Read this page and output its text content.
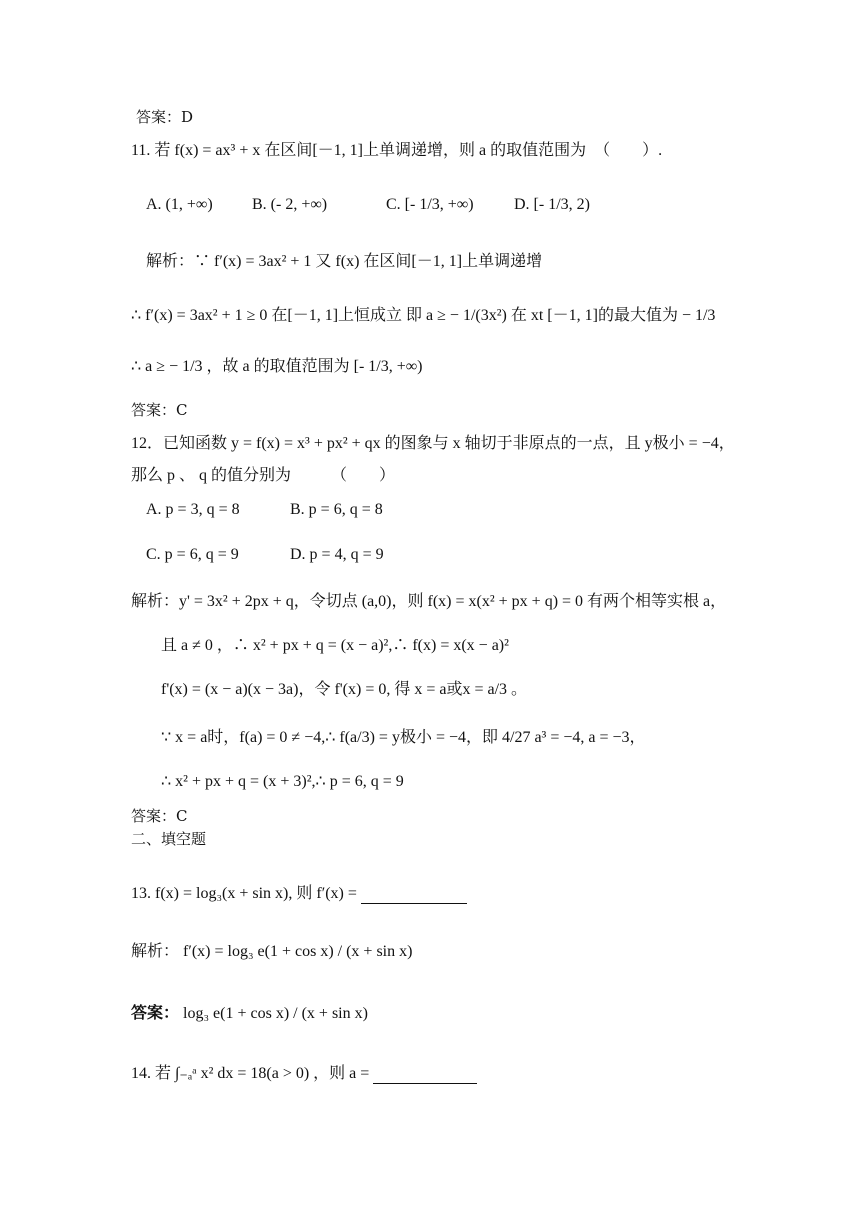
答案：D
11. 若 f(x) = ax³ + x 在区间[－1, 1]上单调递增，则 a 的取值范围为　（　　）.
A. (1, +∞) B. (- 2, +∞)	C. [- 1/3, +∞)	D. [- 1/3, 2)
解析：∵ f′(x) = 3ax² + 1 又 f(x) 在区间[－1, 1]上单调递增
∴ f′(x) = 3ax² + 1 ≥ 0 在[－1, 1]上恒成立 即 a ≥ − 1/(3x²) 在 xt [－1, 1]的最大值为 − 1/3
∴ a ≥ − 1/3 ，故 a 的取值范围为 [- 1/3, +∞)
答案：C
12．已知函数 y = f(x) = x³ + px² + qx 的图象与 x 轴切于非原点的一点，且 y极小 = −4，
那么 p 、 q 的值分别为　　　（　　）
A. p = 3, q = 8	B. p = 6, q = 8
C. p = 6, q = 9	D. p = 4, q = 9
解析：y' = 3x² + 2px + q，令切点 (a,0)，则 f(x) = x(x² + px + q) = 0 有两个相等实根 a，
且 a ≠ 0 ，∴ x² + px + q = (x − a)²,∴ f(x) = x(x − a)²
f'(x) = (x − a)(x − 3a)，令 f'(x) = 0, 得 x = a或x = a/3 。
∵ x = a时，f(a) = 0 ≠ −4,∴ f(a/3) = y极小 = −4，即 4/27 a³ = −4, a = −3，
∴ x² + px + q = (x + 3)²,∴ p = 6, q = 9
答案：C
二、填空题
13. f(x) = log₃(x + sin x), 则 f′(x) =
解析： f′(x) = log₃ e(1 + cos x) / (x + sin x)
答案： log₃ e(1 + cos x) / (x + sin x)
14. 若 ∫₋ₐᵃ x² dx = 18(a > 0) ，则 a =
